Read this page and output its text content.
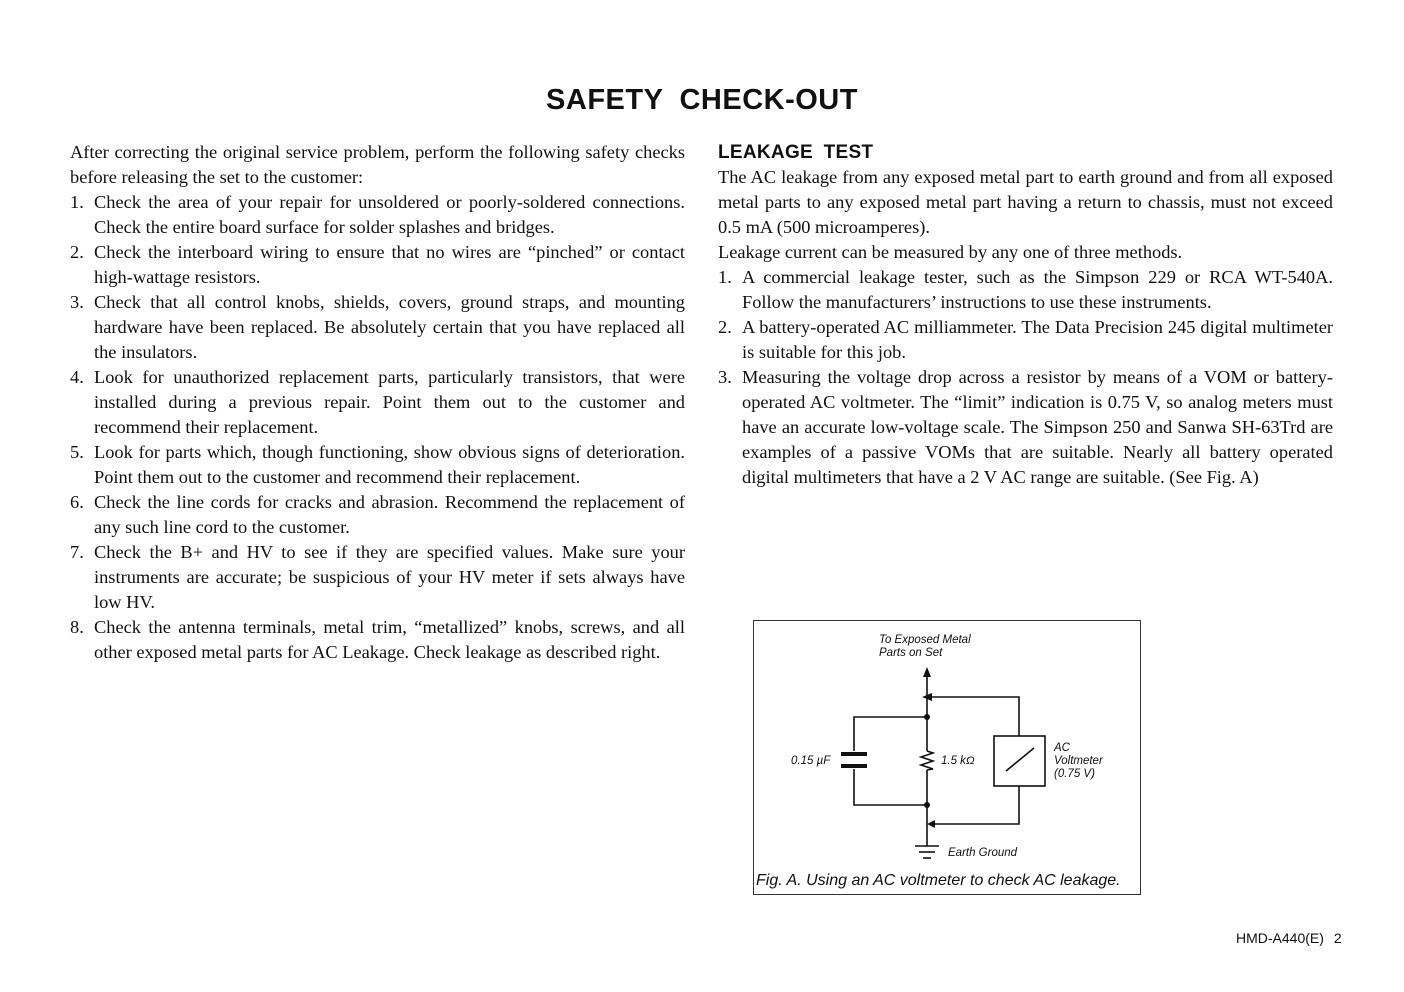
SAFETY CHECK-OUT

After correcting the original service problem, perform the following safety checks before releasing the set to the customer:

1. Check the area of your repair for unsoldered or poorly-soldered connections. Check the entire board surface for solder splashes and bridges.
2. Check the interboard wiring to ensure that no wires are “pinched” or contact high-wattage resistors.
3. Check that all control knobs, shields, covers, ground straps, and mounting hardware have been replaced. Be absolutely certain that you have replaced all the insulators.
4. Look for unauthorized replacement parts, particularly transistors, that were installed during a previous repair. Point them out to the customer and recommend their replacement.
5. Look for parts which, though functioning, show obvious signs of deterioration. Point them out to the customer and recommend their replacement.
6. Check the line cords for cracks and abrasion. Recommend the replacement of any such line cord to the customer.
7. Check the B+ and HV to see if they are specified values. Make sure your instruments are accurate; be suspicious of your HV meter if sets always have low HV.
8. Check the antenna terminals, metal trim, “metallized” knobs, screws, and all other exposed metal parts for AC Leakage. Check leakage as described right.
LEAKAGE TEST

The AC leakage from any exposed metal part to earth ground and from all exposed metal parts to any exposed metal part having a return to chassis, must not exceed 0.5 mA (500 microamperes).

Leakage current can be measured by any one of three methods.

1. A commercial leakage tester, such as the Simpson 229 or RCA WT-540A. Follow the manufacturers’ instructions to use these instruments.
2. A battery-operated AC milliammeter. The Data Precision 245 digital multimeter is suitable for this job.
3. Measuring the voltage drop across a resistor by means of a VOM or battery-operated AC voltmeter. The “limit” indication is 0.75 V, so analog meters must have an accurate low-voltage scale. The Simpson 250 and Sanwa SH-63Trd are examples of a passive VOMs that are suitable. Nearly all battery operated digital multimeters that have a 2 V AC range are suitable. (See Fig. A)
To Exposed Metal
Parts on Set
0.15 µF	1.5 kΩ
AC
Voltmeter
(0.75 V)
Earth Ground
Fig. A. Using an AC voltmeter to check AC leakage.
HMD-A440(E) 2
